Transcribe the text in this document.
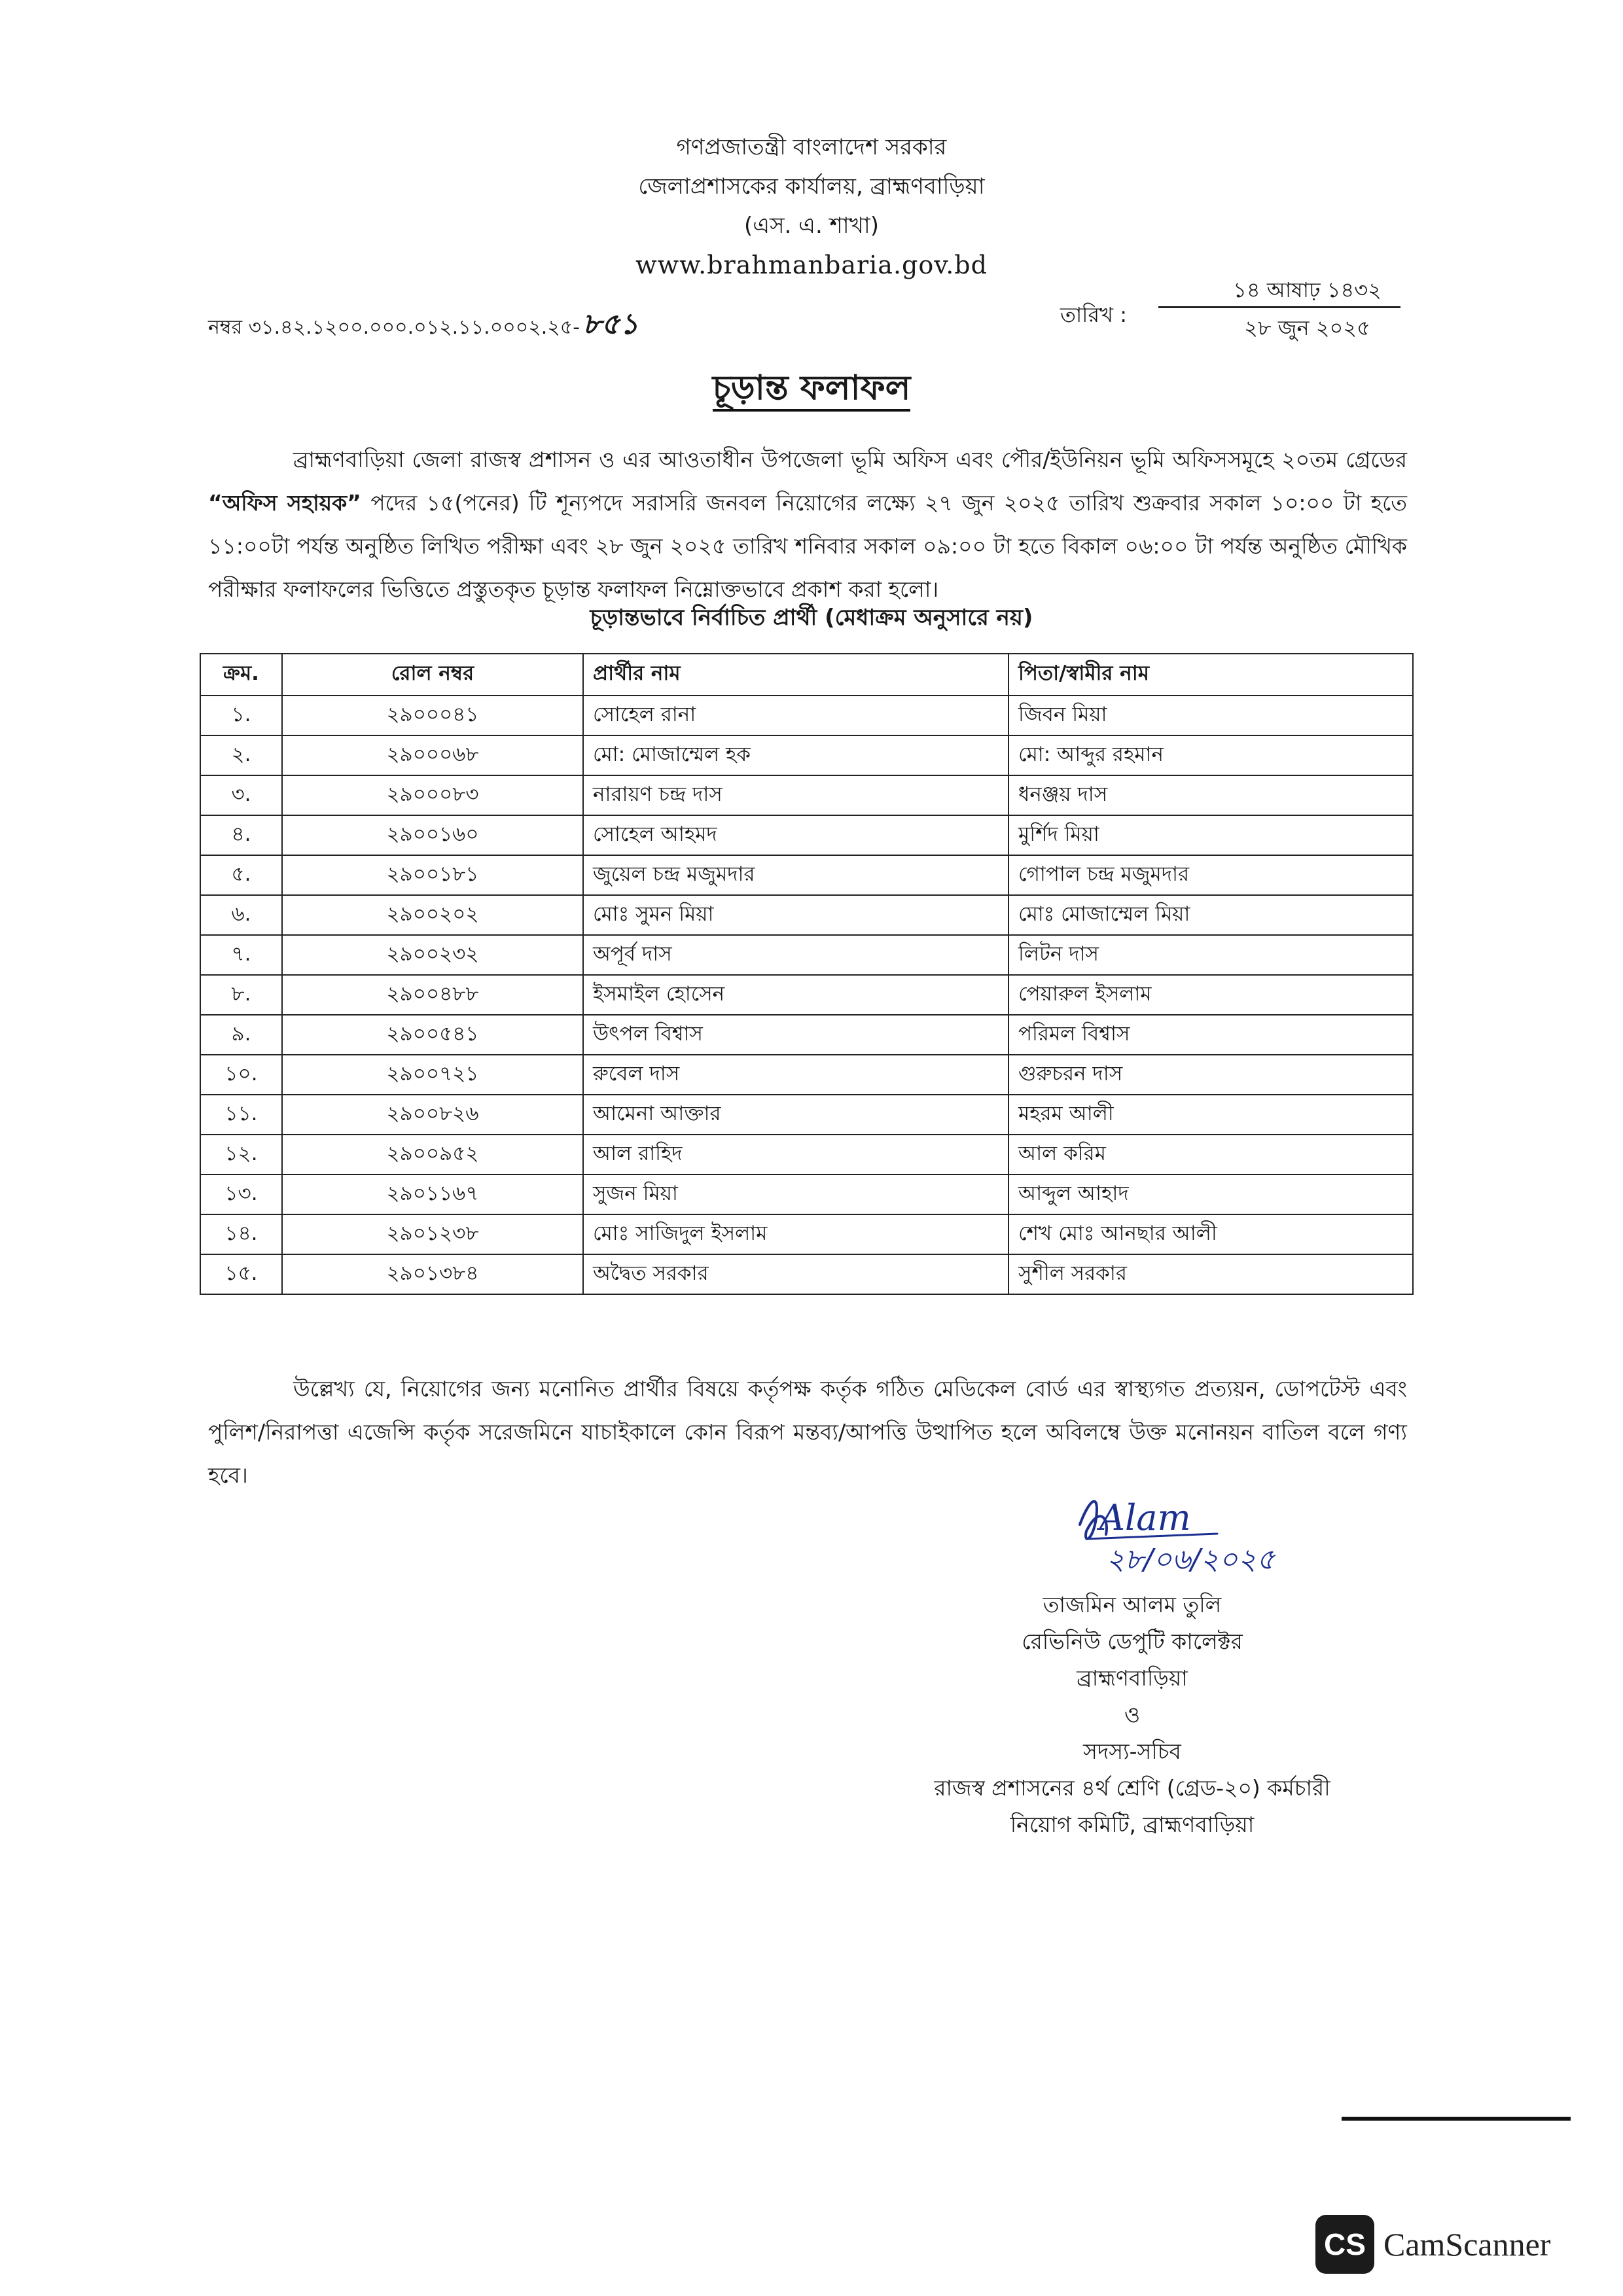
গণপ্রজাতন্ত্রী বাংলাদেশ সরকার
জেলাপ্রশাসকের কার্যালয়, ব্রাহ্মণবাড়িয়া
(এস. এ. শাখা)
www.brahmanbaria.gov.bd
নম্বর ৩১.৪২.১২০০.০০০.০১২.১১.০০০২.২৫-৮৫১	তারিখ :
১৪ আষাঢ় ১৪৩২
২৮ জুন ২০২৫
চূড়ান্ত ফলাফল
ব্রাহ্মণবাড়িয়া জেলা রাজস্ব প্রশাসন ও এর আওতাধীন উপজেলা ভূমি অফিস এবং পৌর/ইউনিয়ন ভূমি অফিসসমূহে ২০তম গ্রেডের “অফিস সহায়ক” পদের ১৫(পনের) টি শূন্যপদে সরাসরি জনবল নিয়োগের লক্ষ্যে ২৭ জুন ২০২৫ তারিখ শুক্রবার সকাল ১০:০০ টা হতে ১১:০০টা পর্যন্ত অনুষ্ঠিত লিখিত পরীক্ষা এবং ২৮ জুন ২০২৫ তারিখ শনিবার সকাল ০৯:০০ টা হতে বিকাল ০৬:০০ টা পর্যন্ত অনুষ্ঠিত মৌখিক পরীক্ষার ফলাফলের ভিত্তিতে প্রস্তুতকৃত চূড়ান্ত ফলাফল নিম্নোক্তভাবে প্রকাশ করা হলো।
চূড়ান্তভাবে নির্বাচিত প্রার্থী (মেধাক্রম অনুসারে নয়)
ক্রম.	রোল নম্বর	প্রার্থীর নাম	পিতা/স্বামীর নাম
১.	২৯০০০৪১	সোহেল রানা	জিবন মিয়া
২.	২৯০০০৬৮	মো: মোজাম্মেল হক	মো: আব্দুর রহমান
৩.	২৯০০০৮৩	নারায়ণ চন্দ্র দাস	ধনঞ্জয় দাস
৪.	২৯০০১৬০	সোহেল আহমদ	মুর্শিদ মিয়া
৫.	২৯০০১৮১	জুয়েল চন্দ্র মজুমদার	গোপাল চন্দ্র মজুমদার
৬.	২৯০০২০২	মোঃ সুমন মিয়া	মোঃ মোজাম্মেল মিয়া
৭.	২৯০০২৩২	অপূর্ব দাস	লিটন দাস
৮.	২৯০০৪৮৮	ইসমাইল হোসেন	পেয়ারুল ইসলাম
৯.	২৯০০৫৪১	উৎপল বিশ্বাস	পরিমল বিশ্বাস
১০.	২৯০০৭২১	রুবেল দাস	গুরুচরন দাস
১১.	২৯০০৮২৬	আমেনা আক্তার	মহরম আলী
১২.	২৯০০৯৫২	আল রাহিদ	আল করিম
১৩.	২৯০১১৬৭	সুজন মিয়া	আব্দুল আহাদ
১৪.	২৯০১২৩৮	মোঃ সাজিদুল ইসলাম	শেখ মোঃ আনছার আলী
১৫.	২৯০১৩৮৪	অদ্বৈত সরকার	সুশীল সরকার
উল্লেখ্য যে, নিয়োগের জন্য মনোনিত প্রার্থীর বিষয়ে কর্তৃপক্ষ কর্তৃক গঠিত মেডিকেল বোর্ড এর স্বাস্থ্যগত প্রত্যয়ন, ডোপটেস্ট এবং পুলিশ/নিরাপত্তা এজেন্সি কর্তৃক সরেজমিনে যাচাইকালে কোন বিরূপ মন্তব্য/আপত্তি উত্থাপিত হলে অবিলম্বে উক্ত মনোনয়ন বাতিল বলে গণ্য হবে।
Alam
২৮/০৬/২০২৫
তাজমিন আলম তুলি
রেভিনিউ ডেপুটি কালেক্টর
ব্রাহ্মণবাড়িয়া
ও
সদস্য-সচিব
রাজস্ব প্রশাসনের ৪র্থ শ্রেণি (গ্রেড-২০) কর্মচারী
নিয়োগ কমিটি, ব্রাহ্মণবাড়িয়া
CS CamScanner
